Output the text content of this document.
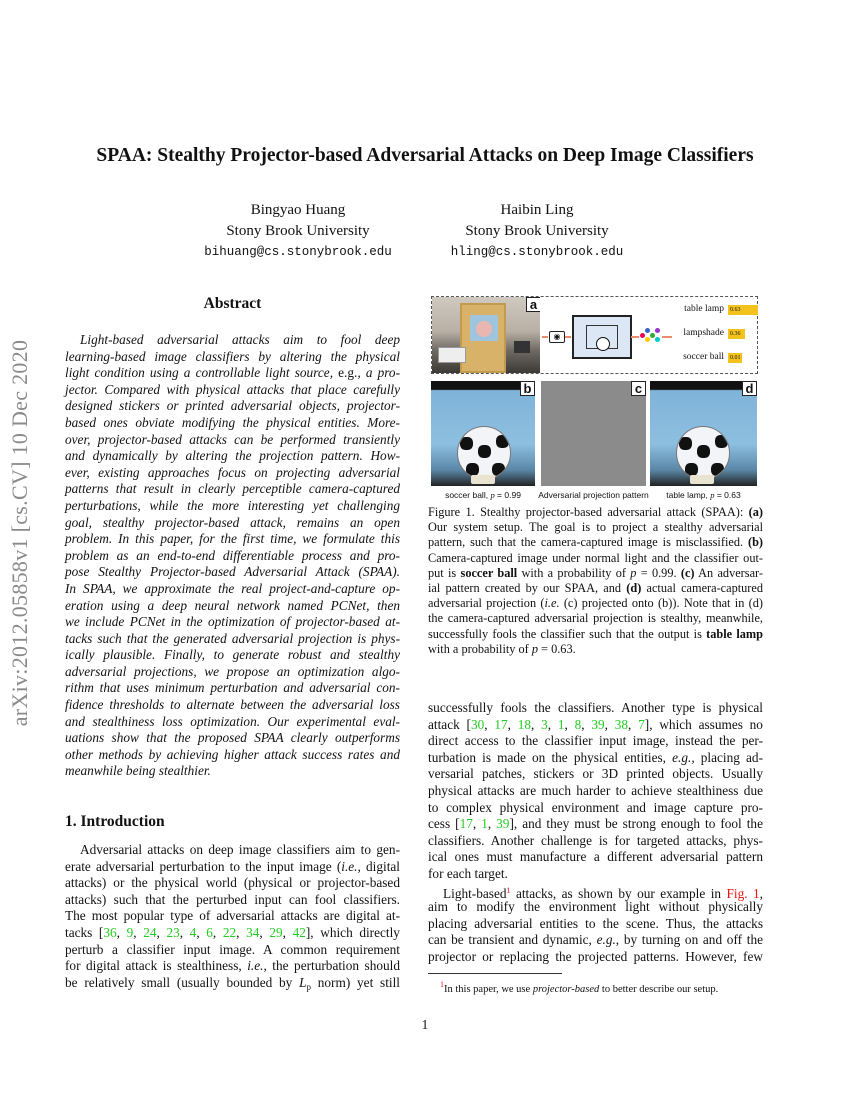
SPAA: Stealthy Projector-based Adversarial Attacks on Deep Image Classifiers
Bingyao Huang
Stony Brook University
bihuang@cs.stonybrook.edu
Haibin Ling
Stony Brook University
hling@cs.stonybrook.edu
arXiv:2012.05858v1 [cs.CV] 10 Dec 2020
Abstract
Light-based adversarial attacks aim to fool deep
learning-based image classifiers by altering the physical
light condition using a controllable light source, e.g., a pro-
jector. Compared with physical attacks that place carefully
designed stickers or printed adversarial objects, projector-
based ones obviate modifying the physical entities. More-
over, projector-based attacks can be performed transiently
and dynamically by altering the projection pattern. How-
ever, existing approaches focus on projecting adversarial
patterns that result in clearly perceptible camera-captured
perturbations, while the more interesting yet challenging
goal, stealthy projector-based attack, remains an open
problem. In this paper, for the first time, we formulate this
problem as an end-to-end differentiable process and pro-
pose Stealthy Projector-based Adversarial Attack (SPAA).
In SPAA, we approximate the real project-and-capture op-
eration using a deep neural network named PCNet, then
we include PCNet in the optimization of projector-based at-
tacks such that the generated adversarial projection is phys-
ically plausible. Finally, to generate robust and stealthy
adversarial projections, we propose an optimization algo-
rithm that uses minimum perturbation and adversarial con-
fidence thresholds to alternate between the adversarial loss
and stealthiness loss optimization. Our experimental eval-
uations show that the proposed SPAA clearly outperforms
other methods by achieving higher attack success rates and
meanwhile being stealthier.
1. Introduction
Adversarial attacks on deep image classifiers aim to gen-
erate adversarial perturbation to the input image (i.e., digital
attacks) or the physical world (physical or projector-based
attacks) such that the perturbed input can fool classifiers.
The most popular type of adversarial attacks are digital at-
tacks [36, 9, 24, 23, 4, 6, 22, 34, 29, 42], which directly
perturb a classifier input image. A common requirement
for digital attack is stealthiness, i.e., the perturbation should
be relatively small (usually bounded by $L_p$ norm) yet still
a
◉
table lamp 0.63
lampshade 0.36
soccer ball 0.01
b	c	d
soccer ball, p = 0.99	Adversarial projection pattern	table lamp, p = 0.63
Figure 1. Stealthy projector-based adversarial attack (SPAA): (a)
Our system setup. The goal is to project a stealthy adversarial
pattern, such that the camera-captured image is misclassified. (b)
Camera-captured image under normal light and the classifier out-
put is soccer ball with a probability of p = 0.99. (c) An adversar-
ial pattern created by our SPAA, and (d) actual camera-captured
adversarial projection (i.e. (c) projected onto (b)). Note that in (d)
the camera-captured adversarial projection is stealthy, meanwhile,
successfully fools the classifier such that the output is table lamp
with a probability of p = 0.63.
successfully fools the classifiers. Another type is physical
attack [30, 17, 18, 3, 1, 8, 39, 38, 7], which assumes no
direct access to the classifier input image, instead the per-
turbation is made on the physical entities, e.g., placing ad-
versarial patches, stickers or 3D printed objects. Usually
physical attacks are much harder to achieve stealthiness due
to complex physical environment and image capture pro-
cess [17, 1, 39], and they must be strong enough to fool the
classifiers. Another challenge is for targeted attacks, phys-
ical ones must manufacture a different adversarial pattern
for each target.
Light-based$^1$ attacks, as shown by our example in Fig. 1,
aim to modify the environment light without physically
placing adversarial entities to the scene. Thus, the attacks
can be transient and dynamic, e.g., by turning on and off the
projector or replacing the projected patterns. However, few
$^1$In this paper, we use projector-based to better describe our setup.
1
